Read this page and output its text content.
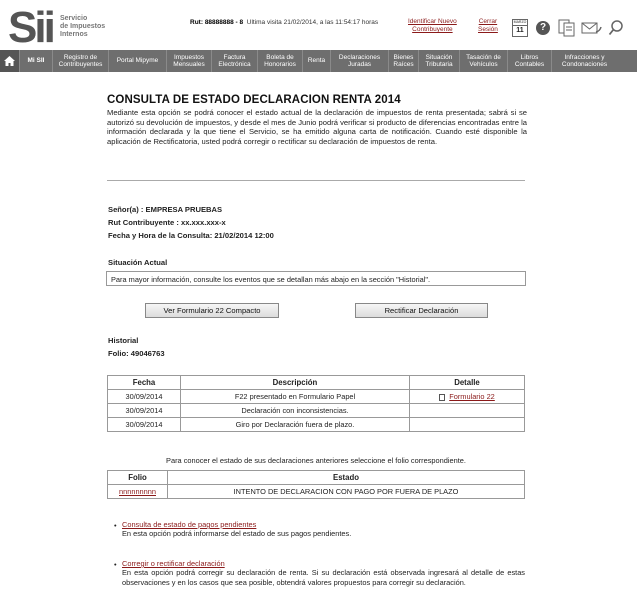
Sii Servicio
de Impuestos
Internos
Rut: 88888888 - 8 Ultima visita 21/02/2014, a las 11:54:17 horas	Identificar Nuevo
Contribuyente
Cerrar
Sesión
MARZO
11	?
Mi SII
Registro de
Contribuyentes
Portal Mipyme
Impuestos
Mensuales
Factura
Electrónica
Boleta de
Honorarios
Renta
Declaraciones
Juradas
Bienes
Raíces
Situación
Tributaria
Tasación de
Vehículos
Libros
Contables
Infracciones y
Condonaciones
CONSULTA DE ESTADO DECLARACION RENTA 2014

Mediante esta opción se podrá conocer el estado actual de la declaración de impuestos de renta presentada; sabrá si se autorizó su devolución de impuestos, y desde el mes de Junio podrá verificar si producto de diferencias encontradas entre la información declarada y la que tiene el Servicio, se ha emitido alguna carta de notificación. Cuando esté disponible la aplicación de Rectificatoria, usted podrá corregir o rectificar su declaración de impuestos de renta.

Señor(a) : EMPRESA PRUEBAS
Rut Contribuyente : xx.xxx.xxx-x
Fecha y Hora de la Consulta: 21/02/2014 12:00
Situación Actual
Para mayor información, consulte los eventos que se detallan más abajo en la sección "Historial".
Ver Formulario 22 Compacto	Rectificar Declaración
Historial
Folio: 49046763
Fecha	Descripción	Detalle
30/09/2014	F22 presentado en Formulario Papel	Formulario 22
30/09/2014	Declaración con inconsistencias.	
30/09/2014	Giro por Declaración fuera de plazo.	
Para conocer el estado de sus declaraciones anteriores seleccione el folio correspondiente.
Folio	Estado
nnnnnnnnn	INTENTO DE DECLARACION CON PAGO POR FUERA DE PLAZO
• Consulta de estado de pagos pendientes
En esta opción podrá informarse del estado de sus pagos pendientes.
• Corregir o rectificar declaración
En esta opción podrá corregir su declaración de renta. Si su declaración está observada ingresará al detalle de estas observaciones y en los casos que sea posible, obtendrá valores propuestos para corregir su declaración.
